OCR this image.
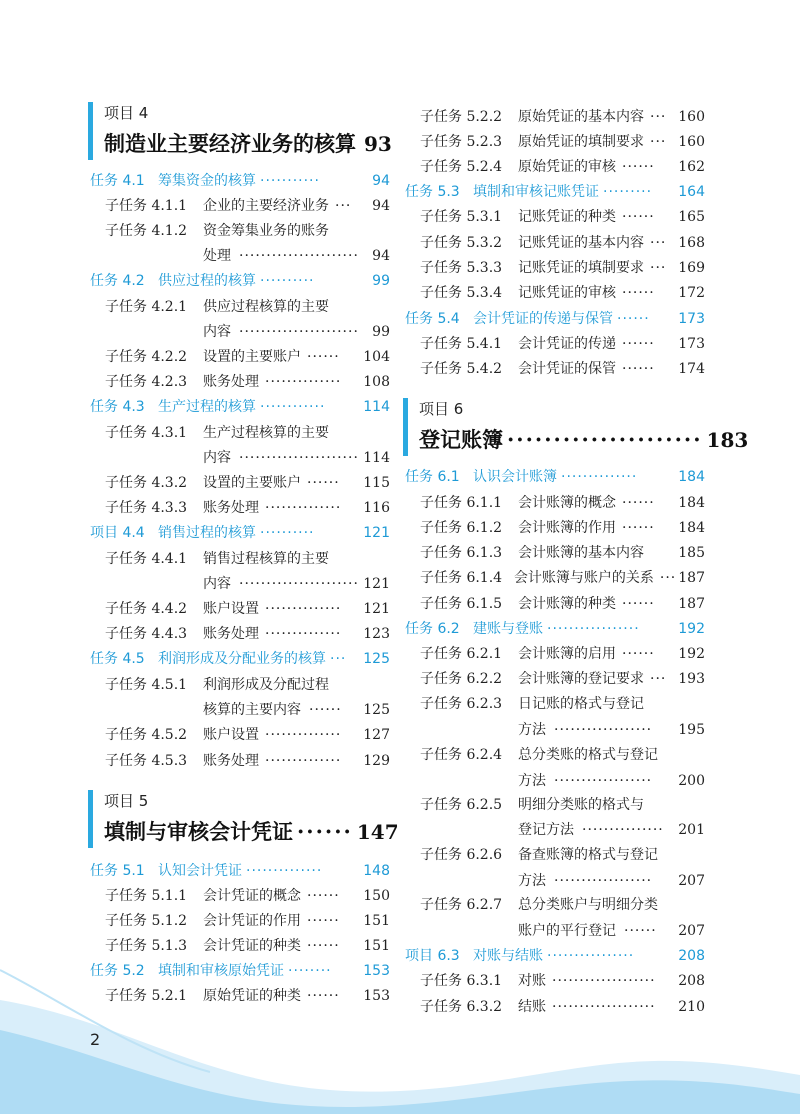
项目 4
制造业主要经济业务的核算 93
任务 4.1 筹集资金的核算 ···········	94
子任务 4.1.1	企业的主要经济业务 ···	94
子任务 4.1.2	资金筹集业务的账务
处理 ······················ 94
任务 4.2 供应过程的核算 ··········	99
子任务 4.2.1	供应过程核算的主要
内容 ······················ 99
子任务 4.2.2	设置的主要账户 ······	104
子任务 4.2.3	账务处理 ··············	108
任务 4.3 生产过程的核算 ············	114
子任务 4.3.1	生产过程核算的主要
内容 ······················ 114
子任务 4.3.2	设置的主要账户 ······	115
子任务 4.3.3	账务处理 ··············	116
项目 4.4 销售过程的核算 ··········	121
子任务 4.4.1	销售过程核算的主要
内容 ······················ 121
子任务 4.4.2	账户设置 ··············	121
子任务 4.4.3	账务处理 ··············	123
任务 4.5 利润形成及分配业务的核算 ···	125
子任务 4.5.1	利润形成及分配过程
核算的主要内容 ······	125
子任务 4.5.2	账户设置 ··············	127
子任务 4.5.3	账务处理 ··············	129
项目 5
填制与审核会计凭证 ······ 147
任务 5.1 认知会计凭证 ··············	148
子任务 5.1.1	会计凭证的概念 ······	150
子任务 5.1.2	会计凭证的作用 ······	151
子任务 5.1.3	会计凭证的种类 ······	151
任务 5.2 填制和审核原始凭证 ········	153
子任务 5.2.1	原始凭证的种类 ······	153
子任务 5.2.2	原始凭证的基本内容 ··· 160
子任务 5.2.3	原始凭证的填制要求 ··· 160
子任务 5.2.4	原始凭证的审核 ······	162
任务 5.3 填制和审核记账凭证 ·········	164
子任务 5.3.1	记账凭证的种类 ······	165
子任务 5.3.2	记账凭证的基本内容 ··· 168
子任务 5.3.3	记账凭证的填制要求 ··· 169
子任务 5.3.4	记账凭证的审核 ······	172
任务 5.4 会计凭证的传递与保管 ······	173
子任务 5.4.1	会计凭证的传递 ······	173
子任务 5.4.2	会计凭证的保管 ······	174
项目 6
登记账簿 ····················· 183
任务 6.1 认识会计账簿 ··············	184
子任务 6.1.1	会计账簿的概念 ······	184
子任务 6.1.2	会计账簿的作用 ······	184
子任务 6.1.3	会计账簿的基本内容 185
子任务 6.1.4 会计账簿与账户的关系 ··· 187
子任务 6.1.5	会计账簿的种类 ······	187
任务 6.2 建账与登账 ·················	192
子任务 6.2.1	会计账簿的启用 ······	192
子任务 6.2.2	会计账簿的登记要求 ··· 193
子任务 6.2.3	日记账的格式与登记
方法 ··················	195
子任务 6.2.4	总分类账的格式与登记
方法 ··················	200
子任务 6.2.5	明细分类账的格式与
登记方法 ···············	201
子任务 6.2.6	备查账簿的格式与登记
方法 ··················	207
子任务 6.2.7	总分类账户与明细分类
账户的平行登记 ······	207
项目 6.3 对账与结账 ················	208
子任务 6.3.1	对账 ···················	208
子任务 6.3.2	结账 ···················	210
2
